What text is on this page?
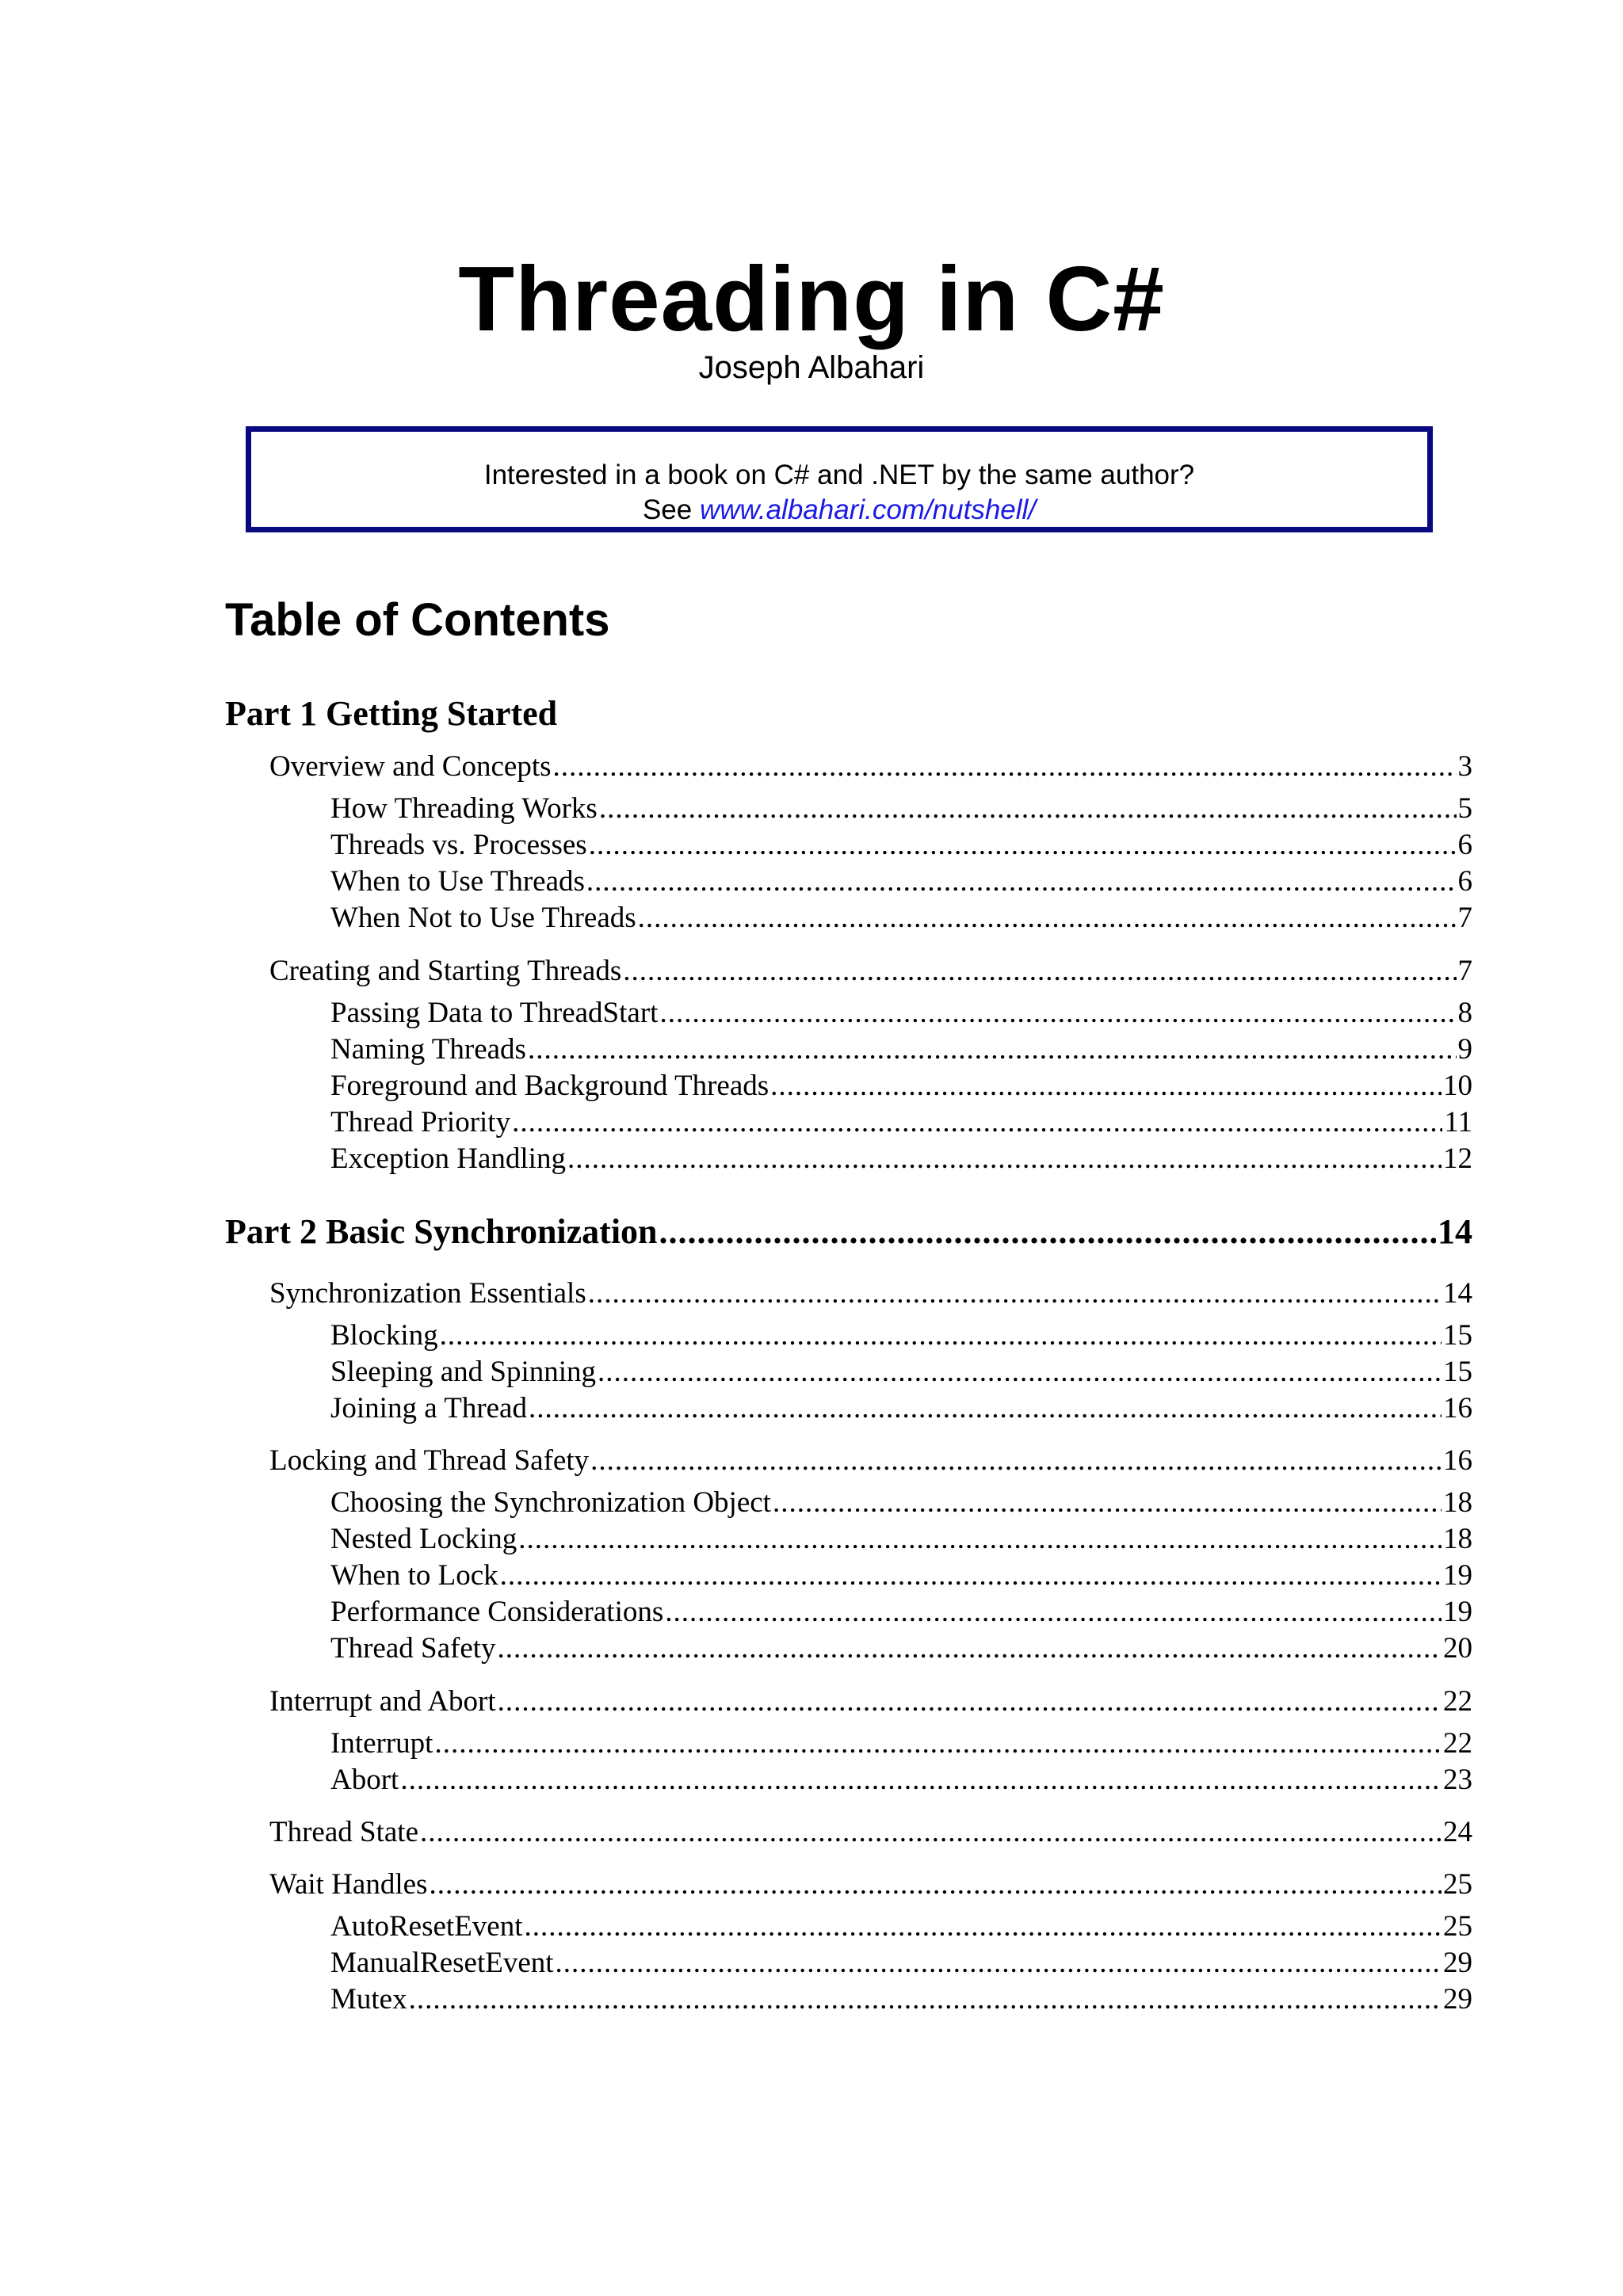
Threading in C#
Joseph Albahari
Interested in a book on C# and .NET by the same author?
See www.albahari.com/nutshell/
Table of Contents
Part 1 Getting Started
Overview and Concepts .....	3
How Threading Works .....	5
Threads vs. Processes .....	6
When to Use Threads .....	6
When Not to Use Threads .....	7
Creating and Starting Threads .....	7
Passing Data to ThreadStart .....	8
Naming Threads .....	9
Foreground and Background Threads .....	10
Thread Priority .....	11
Exception Handling .....	12
Part 2 Basic Synchronization .....	14
Synchronization Essentials .....	14
Blocking .....	15
Sleeping and Spinning .....	15
Joining a Thread .....	16
Locking and Thread Safety .....	16
Choosing the Synchronization Object .....	18
Nested Locking .....	18
When to Lock .....	19
Performance Considerations .....	19
Thread Safety .....	20
Interrupt and Abort .....	22
Interrupt .....	22
Abort .....	23
Thread State .....	24
Wait Handles .....	25
AutoResetEvent .....	25
ManualResetEvent .....	29
Mutex .....	29
